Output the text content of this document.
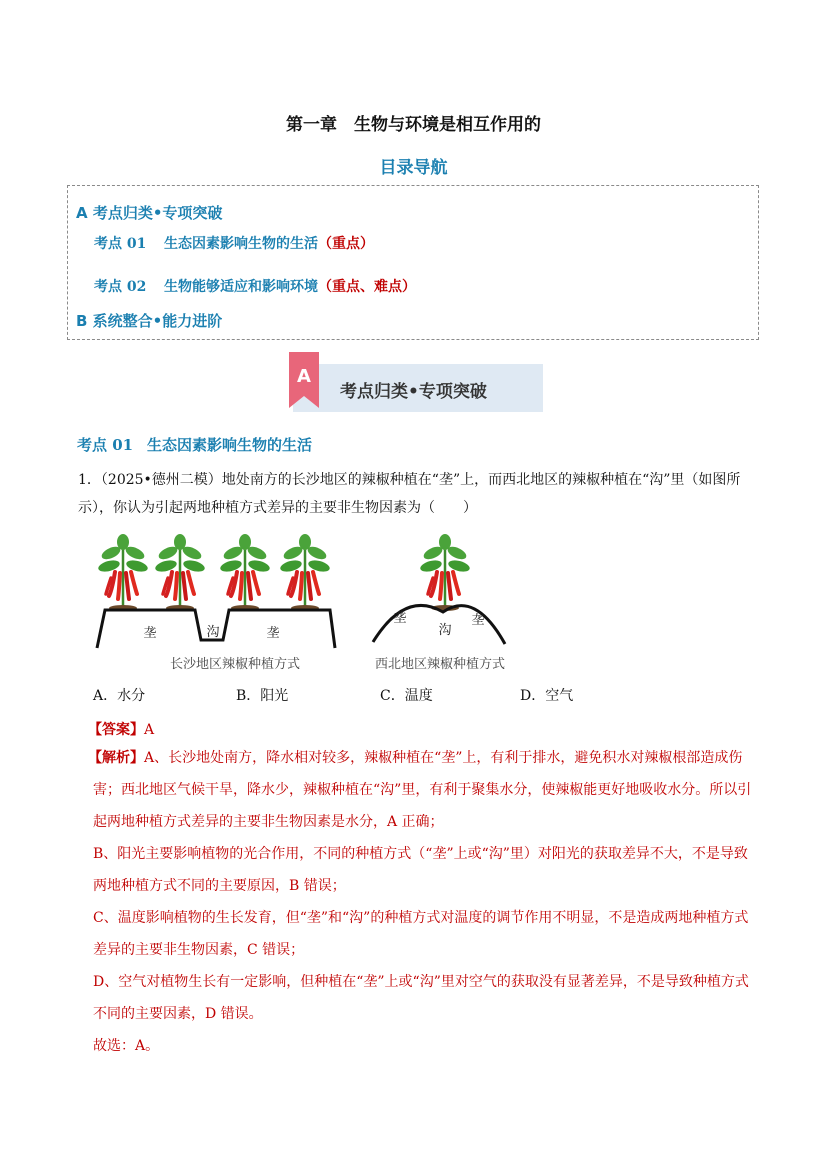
第一章　生物与环境是相互作用的
目录导航
A 考点归类•专项突破
考点 01 生态因素影响生物的生活（重点）
考点 02 生物能够适应和影响环境（重点、难点）
B 系统整合•能力进阶
A
考点归类•专项突破
考点 01 生态因素影响生物的生活
1．（2025•德州二模）地处南方的长沙地区的辣椒种植在“垄”上，而西北地区的辣椒种植在“沟”里（如图所示），你认为引起两地种植方式差异的主要非生物因素为（　　）
垄	沟	垄
长沙地区辣椒种植方式
垄
沟
垄
西北地区辣椒种植方式
A．水分	B．阳光	C．温度	D．空气
【答案】A

【解析】A、长沙地处南方，降水相对较多，辣椒种植在“垄”上，有利于排水，避免积水对辣椒根部造成伤害；西北地区气候干旱，降水少，辣椒种植在“沟”里，有利于聚集水分，使辣椒能更好地吸收水分。所以引起两地种植方式差异的主要非生物因素是水分，A 正确；

B、阳光主要影响植物的光合作用，不同的种植方式（“垄”上或“沟”里）对阳光的获取差异不大，不是导致两地种植方式不同的主要原因，B 错误；

C、温度影响植物的生长发育，但“垄”和“沟”的种植方式对温度的调节作用不明显，不是造成两地种植方式差异的主要非生物因素，C 错误；

D、空气对植物生长有一定影响，但种植在“垄”上或“沟”里对空气的获取没有显著差异，不是导致种植方式不同的主要因素，D 错误。

故选：A。
